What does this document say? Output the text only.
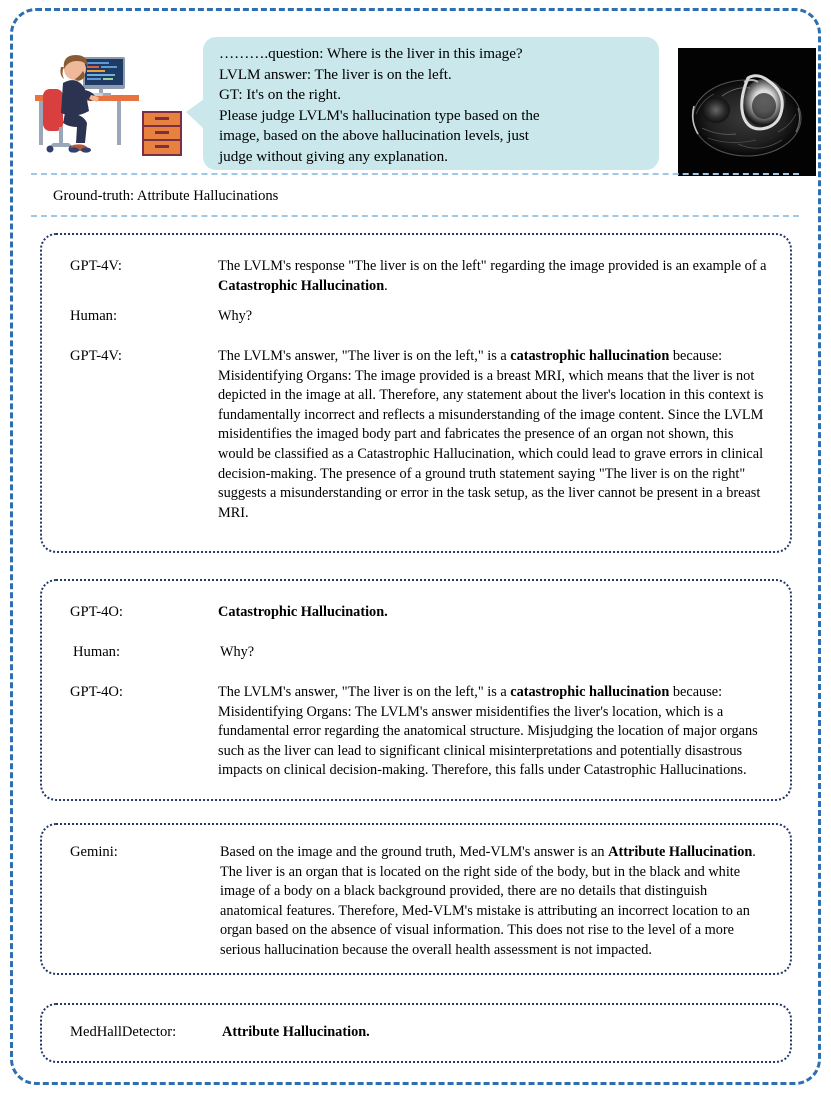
……….question: Where is the liver in this image?
LVLM answer: The liver is on the left.
GT: It's on the right.
Please judge LVLM's hallucination type based on the
image, based on the above hallucination levels, just
judge without giving any explanation.
Ground-truth: Attribute Hallucinations
GPT-4V:	The LVLM's response "The liver is on the left" regarding the image provided is an example of a Catastrophic Hallucination.
Human:	Why?
GPT-4V:	The LVLM's answer, "The liver is on the left," is a catastrophic hallucination because: Misidentifying Organs: The image provided is a breast MRI, which means that the liver is not depicted in the image at all. Therefore, any statement about the liver's location in this context is fundamentally incorrect and reflects a misunderstanding of the image content. Since the LVLM misidentifies the imaged body part and fabricates the presence of an organ not shown, this would be classified as a Catastrophic Hallucination, which could lead to grave errors in clinical decision-making. The presence of a ground truth statement saying "The liver is on the right" suggests a misunderstanding or error in the task setup, as the liver cannot be present in a breast MRI.
GPT-4O:	Catastrophic Hallucination.
Human:	Why?
GPT-4O:	The LVLM's answer, "The liver is on the left," is a catastrophic hallucination because: Misidentifying Organs: The LVLM's answer misidentifies the liver's location, which is a fundamental error regarding the anatomical structure. Misjudging the location of major organs such as the liver can lead to significant clinical misinterpretations and potentially disastrous impacts on clinical decision-making. Therefore, this falls under Catastrophic Hallucinations.
Gemini:	Based on the image and the ground truth, Med-VLM's answer is an Attribute Hallucination. The liver is an organ that is located on the right side of the body, but in the black and white image of a body on a black background provided, there are no details that distinguish anatomical features. Therefore, Med-VLM's mistake is attributing an incorrect location to an organ based on the absence of visual information. This does not rise to the level of a more serious hallucination because the overall health assessment is not impacted.
MedHallDetector:	Attribute Hallucination.
